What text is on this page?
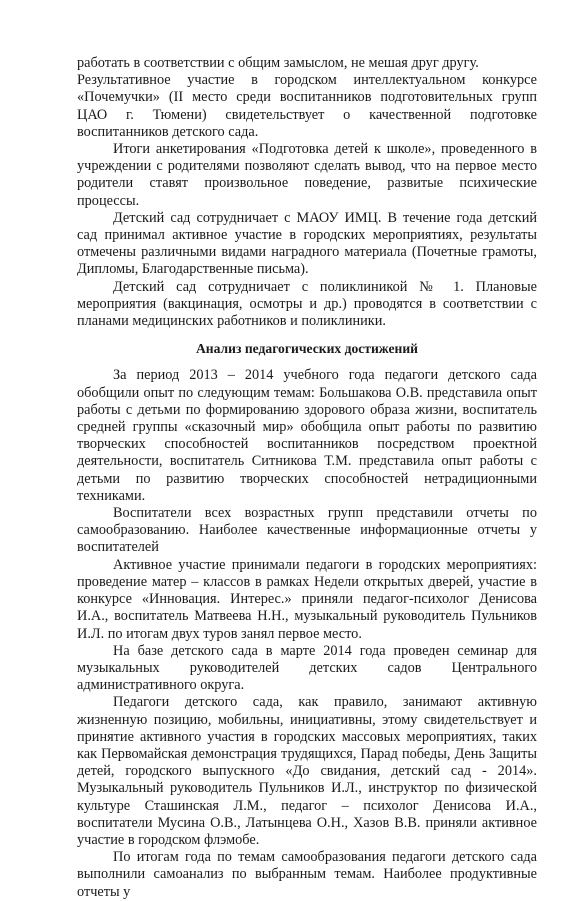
работать в соответствии с общим замыслом, не мешая друг другу.

Результативное участие в городском интеллектуальном конкурсе «Почемучки» (II место среди воспитанников подготовительных групп ЦАО г. Тюмени) свидетельствует о качественной подготовке воспитанников детского сада.

Итоги анкетирования «Подготовка детей к школе», проведенного в учреждении с родителями позволяют сделать вывод, что на первое место родители ставят произвольное поведение, развитые психические процессы.

Детский сад сотрудничает с МАОУ ИМЦ. В течение года детский сад принимал активное участие в городских мероприятиях, результаты отмечены различными видами наградного материала (Почетные грамоты, Дипломы, Благодарственные письма).

Детский сад сотрудничает с поликлиникой № 1. Плановые мероприятия (вакцинация, осмотры и др.) проводятся в соответствии с планами медицинских работников и поликлиники.

Анализ педагогических достижений

За период 2013 – 2014 учебного года педагоги детского сада обобщили опыт по следующим темам: Большакова О.В. представила опыт работы с детьми по формированию здорового образа жизни, воспитатель средней группы «сказочный мир» обобщила опыт работы по развитию творческих способностей воспитанников посредством проектной деятельности, воспитатель Ситникова Т.М. представила опыт работы с детьми по развитию творческих способностей нетрадиционными техниками.

Воспитатели всех возрастных групп представили отчеты по самообразованию. Наиболее качественные информационные отчеты у воспитателей

Активное участие принимали педагоги в городских мероприятиях: проведение матер – классов в рамках Недели открытых дверей, участие в конкурсе «Инновация. Интерес.» приняли педагог-психолог Денисова И.А., воспитатель Матвеева Н.Н., музыкальный руководитель Пульников И.Л. по итогам двух туров занял первое место.

На базе детского сада в марте 2014 года проведен семинар для музыкальных руководителей детских садов Центрального административного округа.

Педагоги детского сада, как правило, занимают активную жизненную позицию, мобильны, инициативны, этому свидетельствует и принятие активного участия в городских массовых мероприятиях, таких как Первомайская демонстрация трудящихся, Парад победы, День Защиты детей, городского выпускного «До свидания, детский сад - 2014». Музыкальный руководитель Пульников И.Л., инструктор по физической культуре Сташинская Л.М., педагог – психолог Денисова И.А., воспитатели Мусина О.В., Латынцева О.Н., Хазов В.В. приняли активное участие в городском флэмобе.

По итогам года по темам самообразования педагоги детского сада выполнили самоанализ по выбранным темам. Наиболее продуктивные отчеты у
